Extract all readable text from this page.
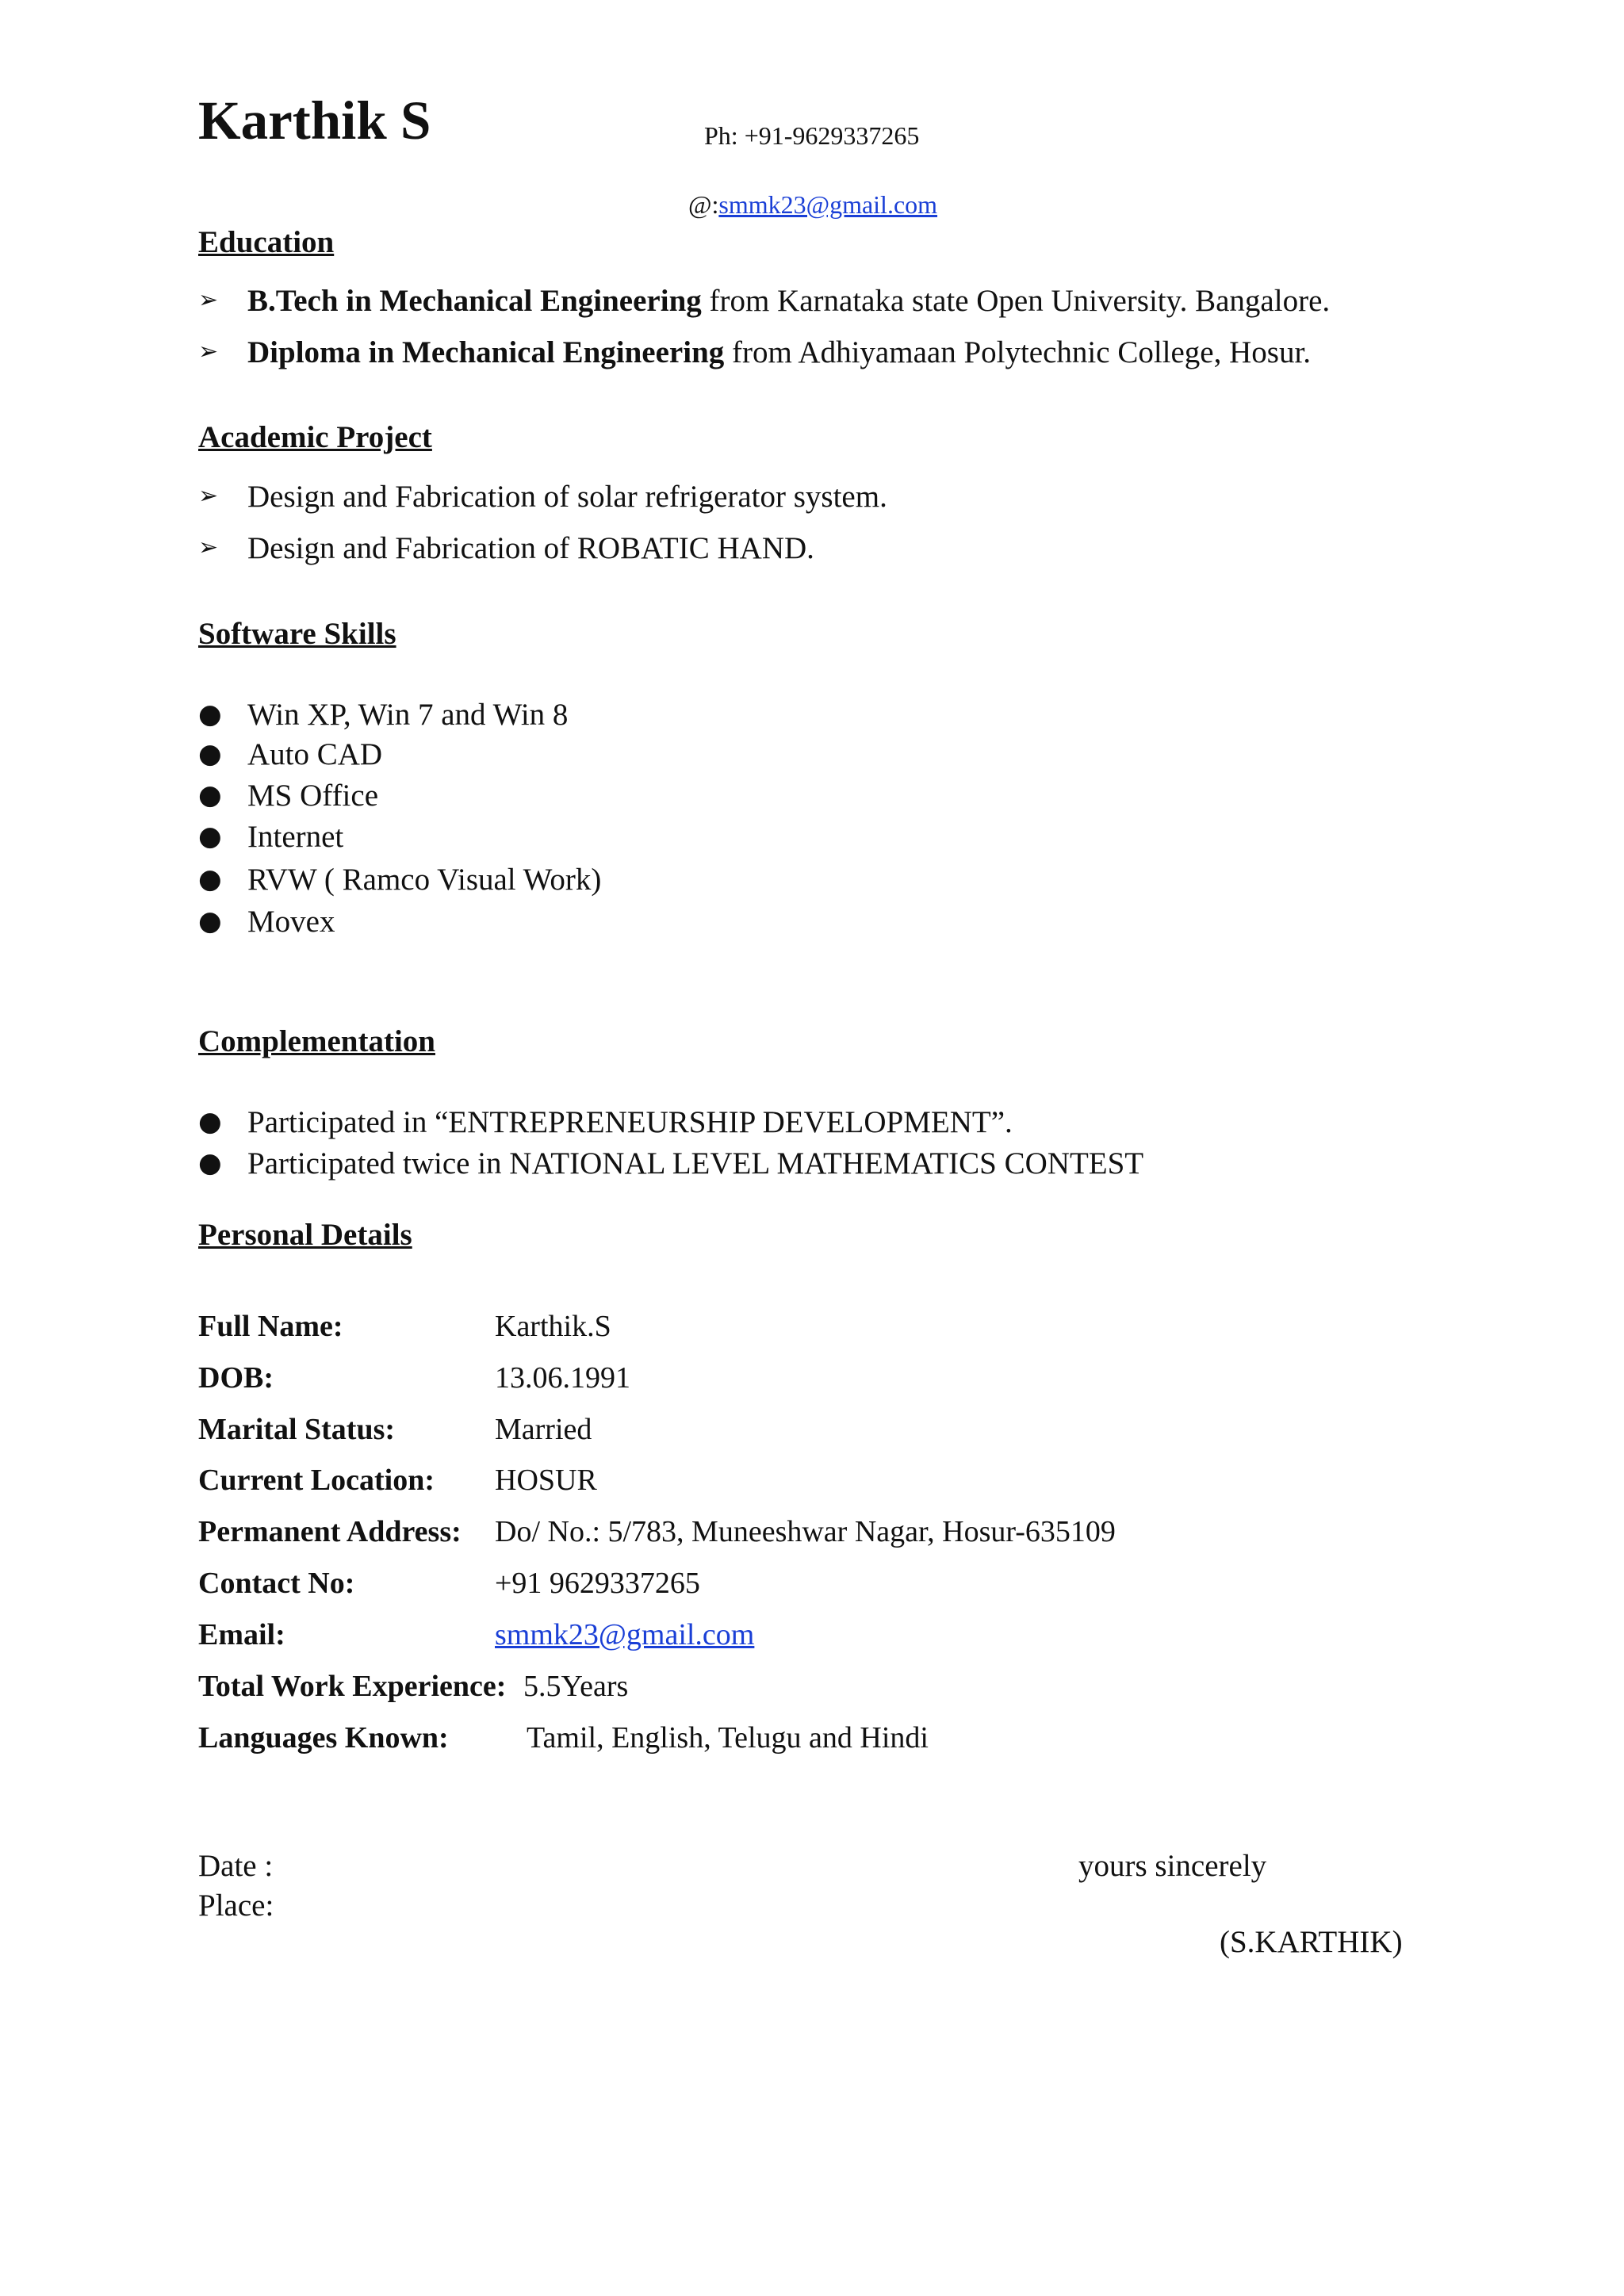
Karthik S	Ph: +91-9629337265
@:smmk23@gmail.com
Education
➢ B.Tech in Mechanical Engineering from Karnataka state Open University. Bangalore.
➢ Diploma in Mechanical Engineering from Adhiyamaan Polytechnic College, Hosur.
Academic Project
➢ Design and Fabrication of solar refrigerator system.
➢ Design and Fabrication of ROBATIC HAND.
Software Skills
● Win XP, Win 7 and Win 8
● Auto CAD
● MS Office
● Internet
● RVW ( Ramco Visual Work)
● Movex
Complementation
● Participated in “ENTREPRENEURSHIP DEVELOPMENT”.
● Participated twice in NATIONAL LEVEL MATHEMATICS CONTEST
Personal Details
Full Name:	Karthik.S
DOB:	13.06.1991
Marital Status:	Married
Current Location: HOSUR
Permanent Address: Do/ No.: 5/783, Muneeshwar Nagar, Hosur-635109
Contact No:	+91 9629337265
Email:	smmk23@gmail.com
Total Work Experience: 5.5Years
Languages Known:	Tamil, English, Telugu and Hindi
Date :
Place:
yours sincerely
(S.KARTHIK)
